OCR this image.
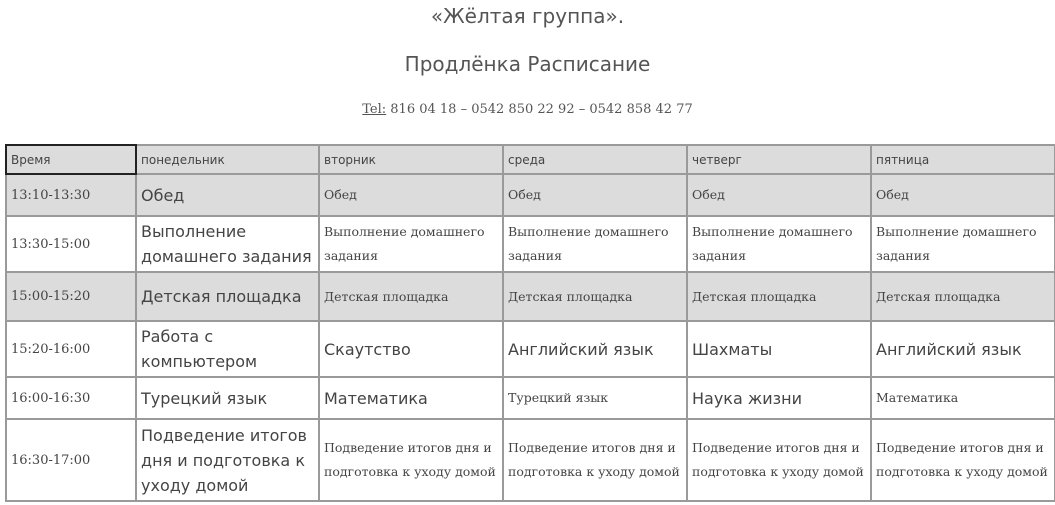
«Жёлтая группа».
Продлёнка Расписание
Tel: 816 04 18 – 0542 850 22 92 – 0542 858 42 77
Время	понедельник	вторник	среда	четверг	пятница
13:10-13:30	Обед	Обед	Обед	Обед	Обед
13:30-15:00	Выполнение домашнего задания	Выполнение домашнего задания	Выполнение домашнего задания	Выполнение домашнего задания	Выполнение домашнего задания
15:00-15:20	Детская площадка	Детская площадка	Детская площадка	Детская площадка	Детская площадка
15:20-16:00	Работа с компьютером	Скаутство	Английский язык	Шахматы	Английский язык
16:00-16:30	Турецкий язык	Математика	Турецкий язык	Наука жизни	Математика
16:30-17:00	Подведение итогов дня и подготовка к уходу домой	Подведение итогов дня и подготовка к уходу домой	Подведение итогов дня и подготовка к уходу домой	Подведение итогов дня и подготовка к уходу домой	Подведение итогов дня и подготовка к уходу домой
